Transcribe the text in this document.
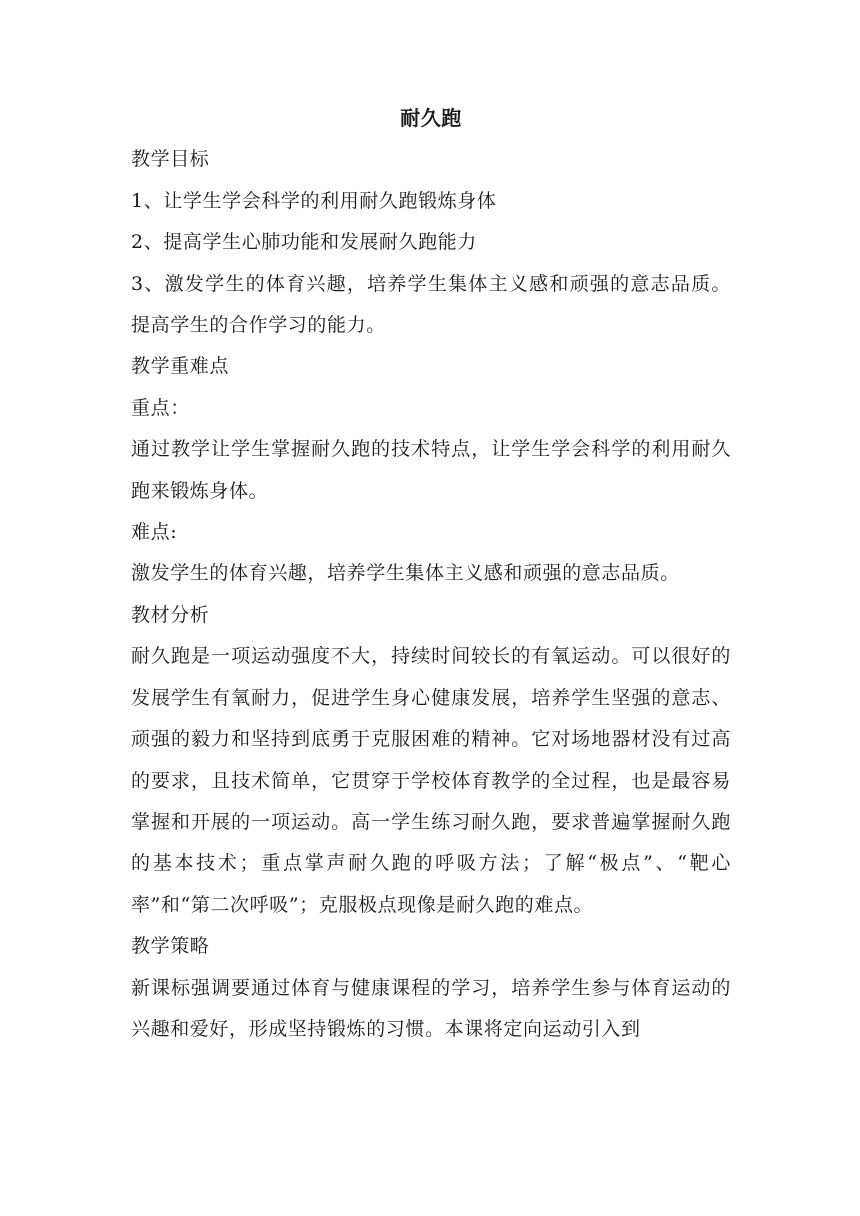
耐久跑

教学目标

1、让学生学会科学的利用耐久跑锻炼身体

2、提高学生心肺功能和发展耐久跑能力

3、激发学生的体育兴趣，培养学生集体主义感和顽强的意志品质。提高学生的合作学习的能力。

教学重难点

重点：

通过教学让学生掌握耐久跑的技术特点，让学生学会科学的利用耐久跑来锻炼身体。

难点:

激发学生的体育兴趣，培养学生集体主义感和顽强的意志品质。

教材分析

耐久跑是一项运动强度不大，持续时间较长的有氧运动。可以很好的发展学生有氧耐力，促进学生身心健康发展，培养学生坚强的意志、顽强的毅力和坚持到底勇于克服困难的精神。它对场地器材没有过高的要求，且技术简单，它贯穿于学校体育教学的全过程，也是最容易掌握和开展的一项运动。高一学生练习耐久跑，要求普遍掌握耐久跑的基本技术；重点掌声耐久跑的呼吸方法；了解“极点”、“靶心率”和“第二次呼吸”；克服极点现像是耐久跑的难点。

教学策略

新课标强调要通过体育与健康课程的学习，培养学生参与体育运动的兴趣和爱好，形成坚持锻炼的习惯。本课将定向运动引入到
